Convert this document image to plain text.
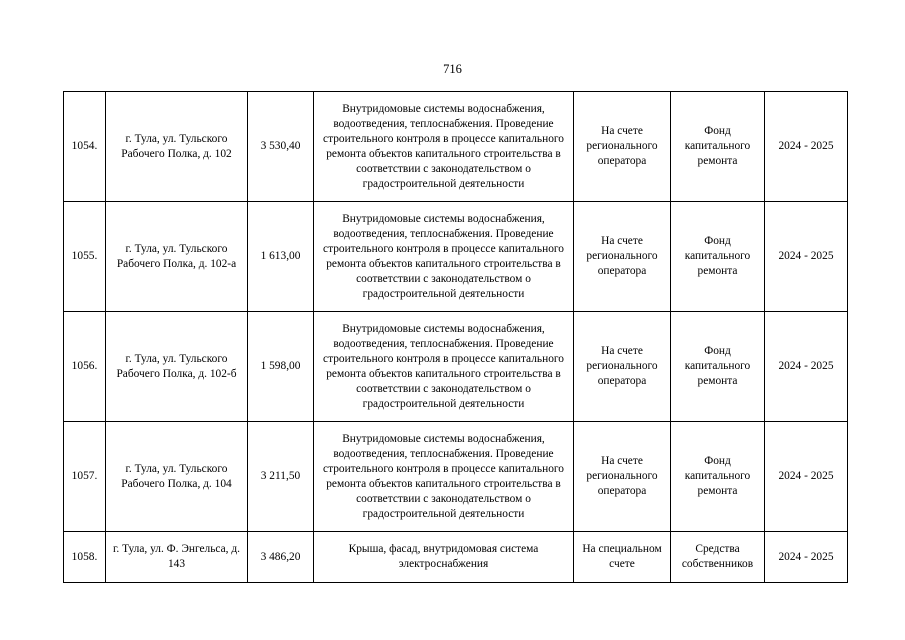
716
1054.	г. Тула, ул. Тульского Рабочего Полка, д. 102	3 530,40	Внутридомовые системы водоснабжения, водоотведения, теплоснабжения. Проведение строительного контроля в процессе капитального ремонта объектов капитального строительства в соответствии с законодательством о градостроительной деятельности	На счете регионального оператора	Фонд капитального ремонта	2024 - 2025
1055.	г. Тула, ул. Тульского Рабочего Полка, д. 102-а	1 613,00	Внутридомовые системы водоснабжения, водоотведения, теплоснабжения. Проведение строительного контроля в процессе капитального ремонта объектов капитального строительства в соответствии с законодательством о градостроительной деятельности	На счете регионального оператора	Фонд капитального ремонта	2024 - 2025
1056.	г. Тула, ул. Тульского Рабочего Полка, д. 102-б	1 598,00	Внутридомовые системы водоснабжения, водоотведения, теплоснабжения. Проведение строительного контроля в процессе капитального ремонта объектов капитального строительства в соответствии с законодательством о градостроительной деятельности	На счете регионального оператора	Фонд капитального ремонта	2024 - 2025
1057.	г. Тула, ул. Тульского Рабочего Полка, д. 104	3 211,50	Внутридомовые системы водоснабжения, водоотведения, теплоснабжения. Проведение строительного контроля в процессе капитального ремонта объектов капитального строительства в соответствии с законодательством о градостроительной деятельности	На счете регионального оператора	Фонд капитального ремонта	2024 - 2025
1058.	г. Тула, ул. Ф. Энгельса, д. 143	3 486,20	Крыша, фасад, внутридомовая система электроснабжения	На специальном счете	Средства собственников	2024 - 2025
